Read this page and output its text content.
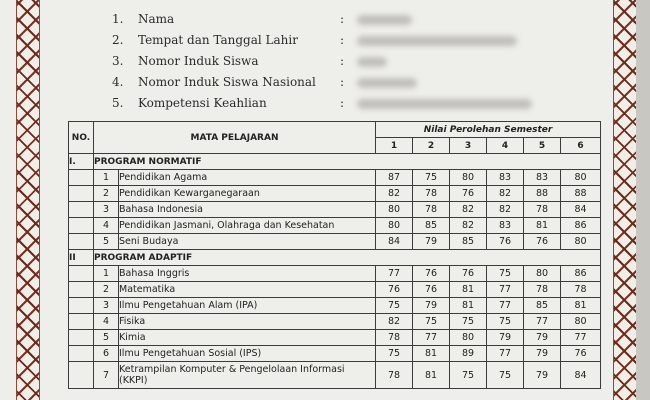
1.	Nama	:
2.	Tempat dan Tanggal Lahir	:
3.	Nomor Induk Siswa	:
4.	Nomor Induk Siswa Nasional :
5.	Kompetensi Keahlian	:
NO.	MATA PELAJARAN		Nilai Perolehan Semester					
			1	2	3	4	5	6
I.	PROGRAM NORMATIF							
	1	Pendidikan Agama	87	75	80	83	83	80
	2	Pendidikan Kewarganegaraan	82	78	76	82	88	88
	3	Bahasa Indonesia	80	78	82	82	78	84
	4	Pendidikan Jasmani, Olahraga dan Kesehatan	80	85	82	83	81	86
	5	Seni Budaya	84	79	85	76	76	80
II	PROGRAM ADAPTIF							
	1	Bahasa Inggris	77	76	76	75	80	86
	2	Matematika	76	76	81	77	78	78
	3	Ilmu Pengetahuan Alam (IPA)	75	79	81	77	85	81
	4	Fisika	82	75	75	75	77	80
	5	Kimia	78	77	80	79	79	77
	6	Ilmu Pengetahuan Sosial (IPS)	75	81	89	77	79	76
	7	Ketrampilan Komputer & Pengelolaan Informasi (KKPI)	78	81	75	75	79	84
